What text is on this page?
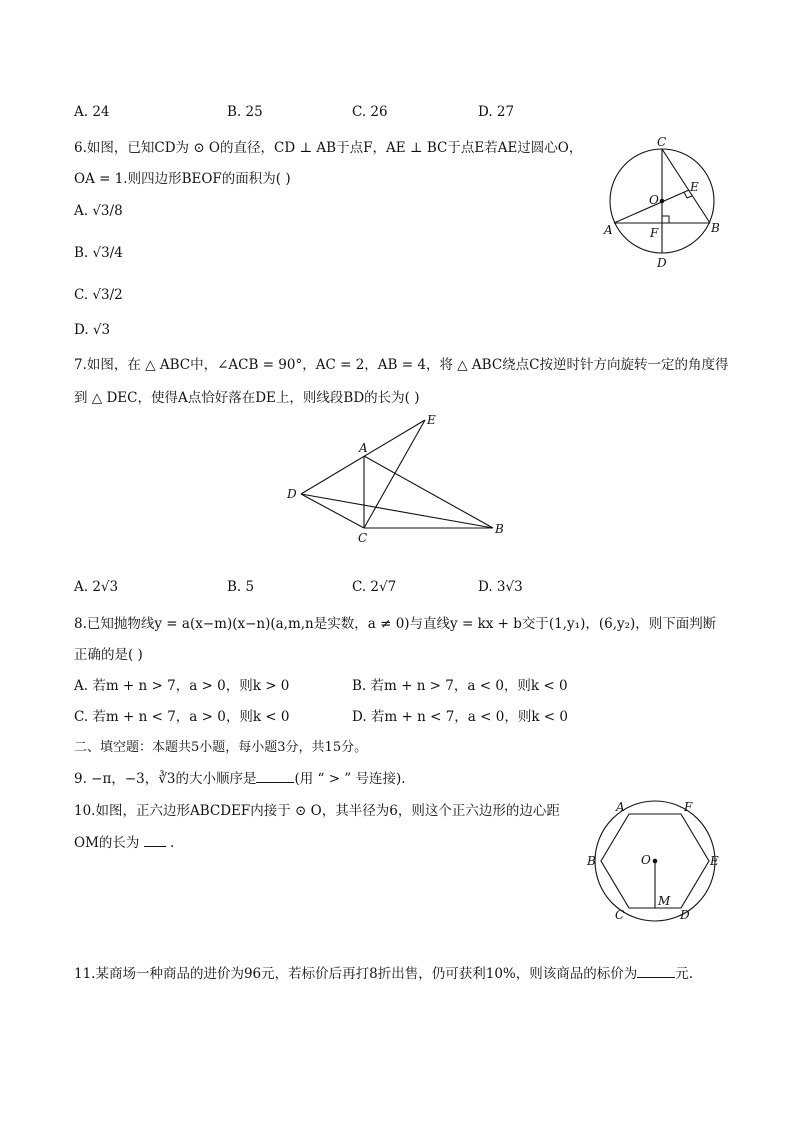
A. 24	B. 25	C. 26	D. 27
6.如图，已知CD为 ⊙ O的直径，CD ⊥ AB于点F，AE ⊥ BC于点E若AE过圆心O，
OA = 1.则四边形BEOF的面积为( )
A. √3/8
B. √3/4
C. √3/2
D. √3
C
O
E
A	F	B
D
7.如图，在 △ ABC中，∠ACB = 90°，AC = 2，AB = 4，将 △ ABC绕点C按逆时针方向旋转一定的角度得
到 △ DEC，使得A点恰好落在DE上，则线段BD的长为( )
A
E
D
C
B
A. 2√3	B. 5	C. 2√7	D. 3√3
8.已知抛物线y = a(x−m)(x−n)(a,m,n是实数，a ≠ 0)与直线y = kx + b交于(1,y₁)，(6,y₂)，则下面判断
正确的是( )
A. 若m + n > 7，a > 0，则k > 0	B. 若m + n > 7，a < 0，则k < 0
C. 若m + n < 7，a > 0，则k < 0	D. 若m + n < 7，a < 0，则k < 0
二、填空题：本题共5小题，每小题3分，共15分。
9. −π，−3，∛3的大小顺序是	(用 “ > ” 号连接).
10.如图，正六边形ABCDEF内接于 ⊙ O，其半径为6，则这个正六边形的边心距
OM的长为 .
A	F
B	O	E
C
M
D
11.某商场一种商品的进价为96元，若标价后再打8折出售，仍可获利10%，则该商品的标价为	元.
